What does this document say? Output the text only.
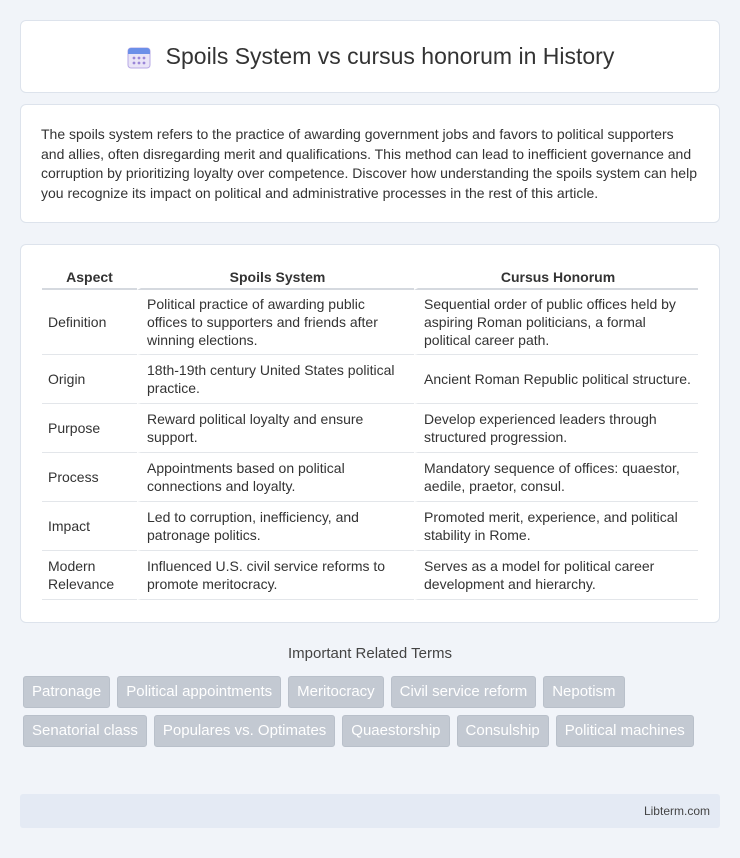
Spoils System vs cursus honorum in History

The spoils system refers to the practice of awarding government jobs and favors to political supporters and allies, often disregarding merit and qualifications. This method can lead to inefficient governance and corruption by prioritizing loyalty over competence. Discover how understanding the spoils system can help you recognize its impact on political and administrative processes in the rest of this article.

Aspect	Spoils System	Cursus Honorum
Definition	Political practice of awarding public offices to supporters and friends after winning elections.	Sequential order of public offices held by aspiring Roman politicians, a formal political career path.
Origin	18th-19th century United States political practice.	Ancient Roman Republic political structure.
Purpose	Reward political loyalty and ensure support.	Develop experienced leaders through structured progression.
Process	Appointments based on political connections and loyalty.	Mandatory sequence of offices: quaestor, aedile, praetor, consul.
Impact	Led to corruption, inefficiency, and patronage politics.	Promoted merit, experience, and political stability in Rome.
Modern Relevance	Influenced U.S. civil service reforms to promote meritocracy.	Serves as a model for political career development and hierarchy.
Important Related Terms
Patronage	Political appointments	Meritocracy	Civil service reform	Nepotism
Senatorial class	Populares vs. Optimates	Quaestorship	Consulship	Political machines
Libterm.com
